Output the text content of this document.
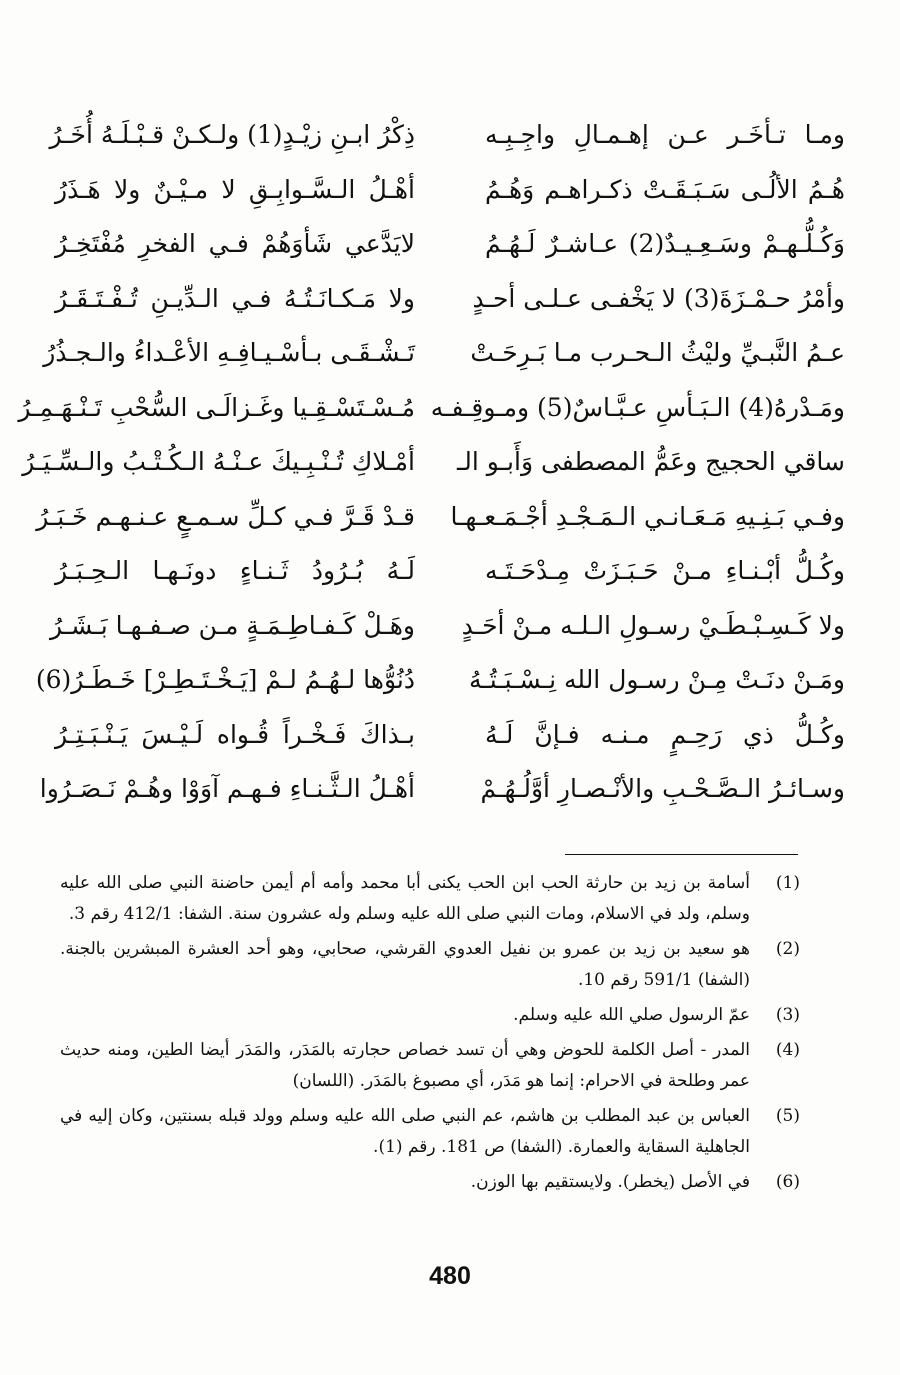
ومـا تـأخَـر عـن إهـمـالِ واجِـبِـه
ذِكْرُ ابـنِ زيْـدٍ(1) ولـكـنْ قـبْـلَـهُ أُخَـرُ
هُـمُ الألُـى سَـبَـقَـتْ ذكـراهـم وَهُـمُ
أهْـلُ الـسَّـوابِـقِ لا مـيْـنٌ ولا هَـذَرُ
وَكُـلُّـهـمْ وسَـعِـيـدٌ(2) عـاشـرٌ لَـهُـمُ
لايَدَّعي شَأوَهُمْ فـي الفخرِ مُفْتَخِـرُ
وأمْرُ حـمْـزَةَ(3) لا يَخْفـى عـلـى أحـدٍ
ولا مَـكـانَـتُـهُ فـي الـدِّيـنِ تُـفْـتَـقَـرُ
عـمُ النَّبـيِّ وليْثُ الـحـرب مـا بَـرِحَـتْ
تَـشْـقَـى بـأسْـيـافِـهِ الأعْـداءُ والـجـذُرُ
ومَـدْرهُ(4) الـبَـأسِ عـبَّـاسٌ(5) ومـوقِـفـه
مُـسْـتَسْـقِـيا وغَـزالَـى السُّحْبِ تَـنْـهَـمِـرُ
ساقي الحجيج وعَمُّ المصطفى وَأَبـو الـ
أمْـلاكِ تُـنْـبِـيكَ عـنْـهُ الـكُـتْـبُ والـسِّـيَـرُ
وفـي بَـنِـيهِ مَـعَـانـي الـمَـجْـدِ أجْـمَـعـهـا
قـدْ قَـرَّ فـي كـلِّ سـمـعٍ عـنـهـم خَـبَـرُ
وكُـلُّ أبْـنـاءِ مـنْ حَـبَـزَتْ مِـدْحَـتَـه
لَـهُ بُـرُودُ ثَـنـاءٍ دونَـهـا الـحِـبَـرُ
ولا كَـسِـبْـطَـيْ رسـولِ الـلـه مـنْ أحَـدٍ
وهَـلْ كَـفـاطِـمَـةٍ مـن صـفـهـا بَـشَـرُ
ومَـنْ دنَـتْ مِـنْ رسـول الله نِـسْـبَـتُـهُ
دُنُوُّها لـهُـمُ لـمْ [يَـخْـتَـطِـرْ] خَـطَـرُ(6)
وكُـلُّ ذي رَحِـمٍ مـنـه فـإنَّ لَـهُ
بـذاكَ فَـخْـراً قُـواه لَـيْـسَ يَـنْـبَـتِـرُ
وسـائـرُ الـصَّـحْـبِ والأنْـصـارِ أوَّلُـهُـمْ
أهْـلُ الـثَّـنـاءِ فـهـم آوَوْا وهُـمْ نَـصَـرُوا
(1)
أسامة بن زيد بن حارثة الحب ابن الحب يكنى أبا محمد وأمه أم أيمن حاضنة النبي صلى الله عليه وسلم، ولد في الاسلام، ومات النبي صلى الله عليه وسلم وله عشرون سنة. الشفا: 412/1 رقم 3.
(2)
هو سعيد بن زيد بن عمرو بن نفيل العدوي القرشي، صحابي، وهو أحد العشرة المبشرين بالجنة. (الشفا) 591/1 رقم 10.
(3)
عمّ الرسول صلي الله عليه وسلم.
(4)
المدر - أصل الكلمة للحوض وهي أن تسد خصاص حجارته بالمَدَر، والمَدَر أيضا الطين، ومنه حديث عمر وطلحة في الاحرام: إنما هو مَدَر، أي مصبوغ بالمَدَر. (اللسان)
(5)
العباس بن عبد المطلب بن هاشم، عم النبي صلى الله عليه وسلم وولد قبله بسنتين، وكان إليه في الجاهلية السقاية والعمارة. (الشفا) ص 181. رقم (1).
(6)
في الأصل (يخطر). ولايستقيم بها الوزن.
480
